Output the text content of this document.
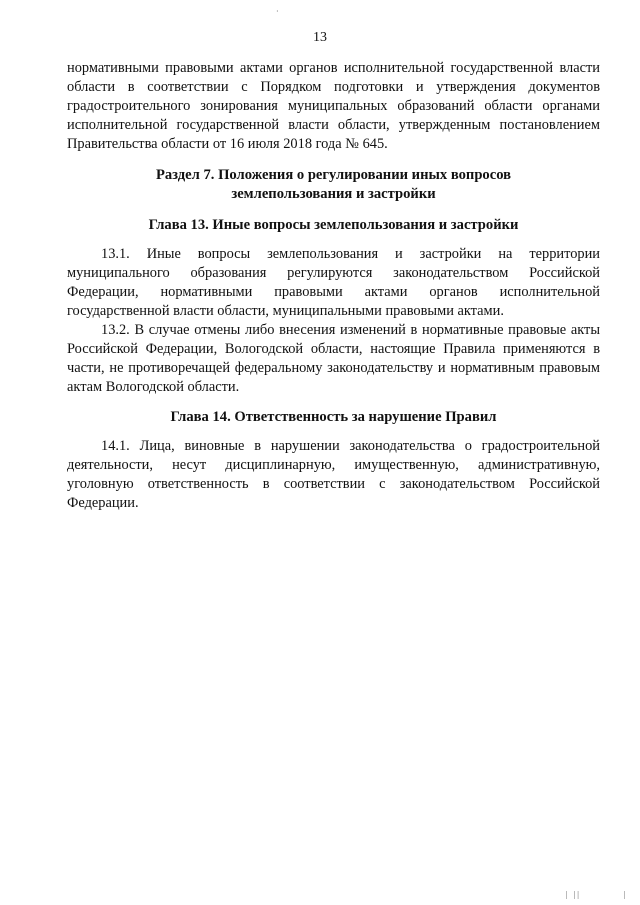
·
13

нормативными правовыми актами органов исполнительной государственной власти области в соответствии с Порядком подготовки и утверждения документов градостроительного зонирования муниципальных образований области органами исполнительной государственной власти области, утвержденным постановлением Правительства области от 16 июля 2018 года № 645.

Раздел 7. Положения о регулировании иных вопросов
землепользования и застройки
Глава 13. Иные вопросы землепользования и застройки

13.1. Иные вопросы землепользования и застройки на территории муниципального образования регулируются законодательством Российской Федерации, нормативными правовыми актами органов исполнительной государственной власти области, муниципальными правовыми актами.

13.2. В случае отмены либо внесения изменений в нормативные правовые акты Российской Федерации, Вологодской области, настоящие Правила применяются в части, не противоречащей федеральному законодательству и нормативным правовым актам Вологодской области.

Глава 14. Ответственность за нарушение Правил

14.1. Лица, виновные в нарушении законодательства о градостроительной деятельности, несут дисциплинарную, имущественную, административную, уголовную ответственность в соответствии с законодательством Российской Федерации.

| ||	|
